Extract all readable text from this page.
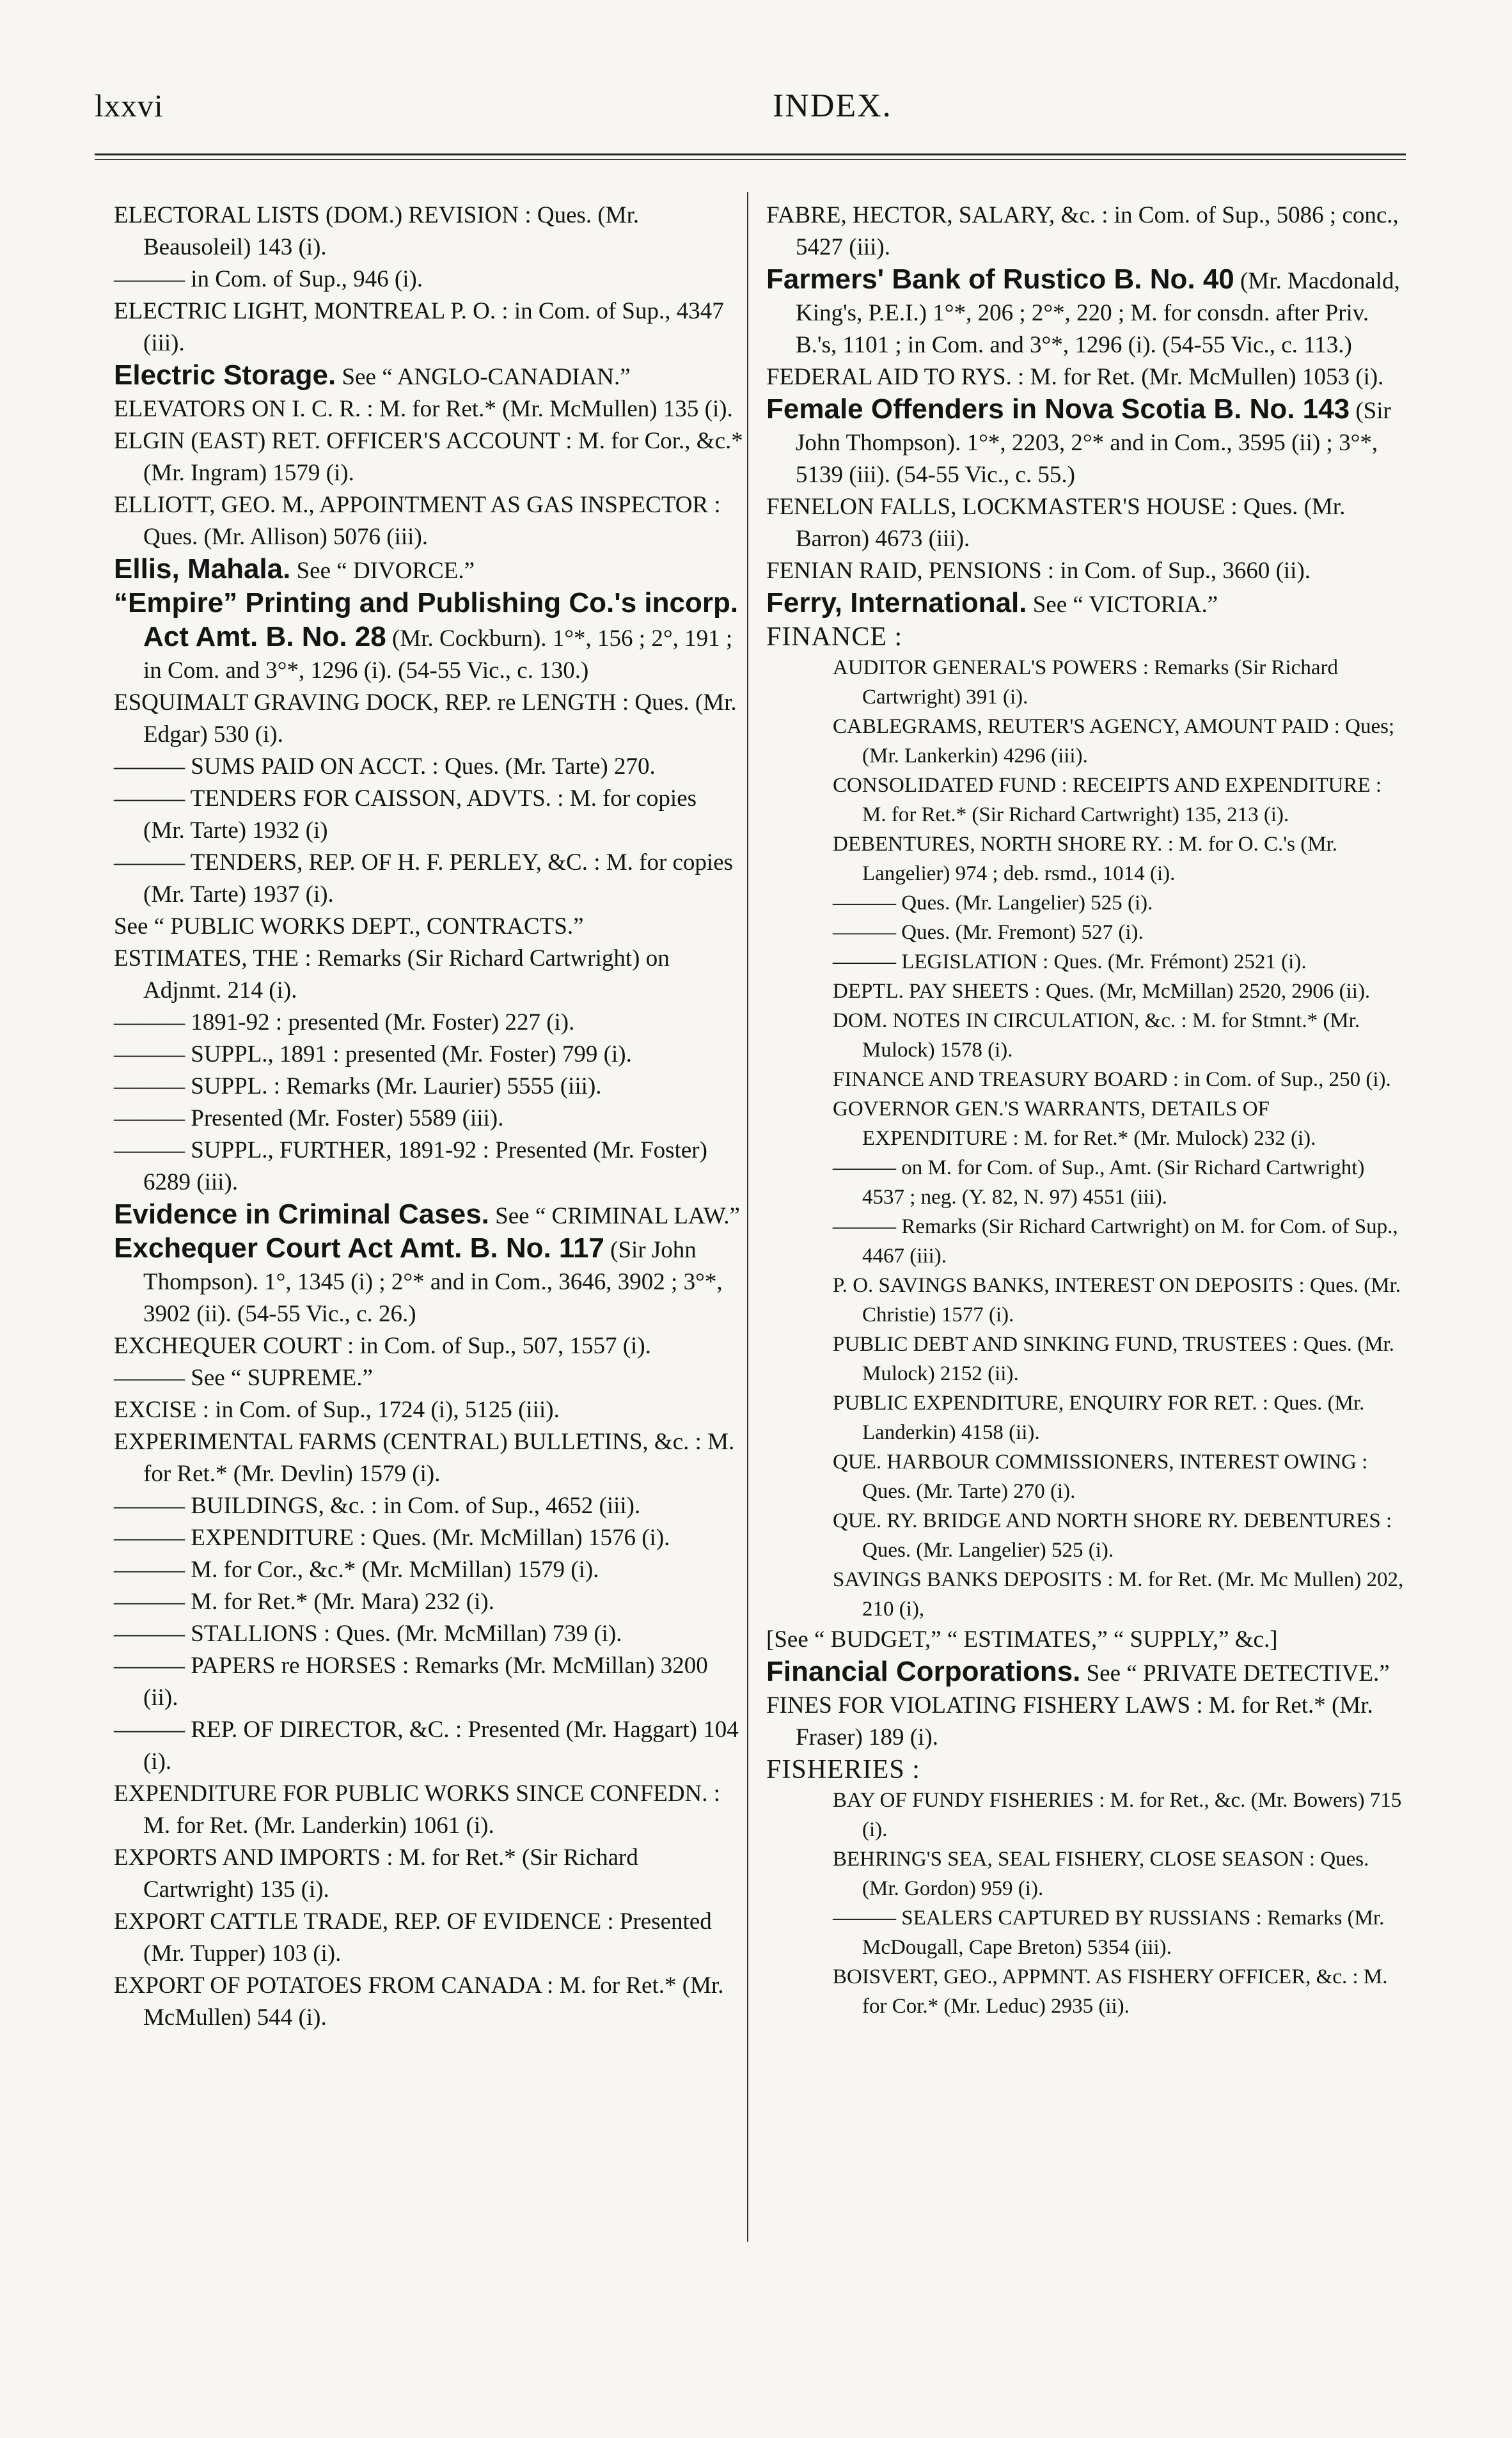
lxxvi	INDEX.

ELECTORAL LISTS (DOM.) REVISION : Ques. (Mr. Beausoleil) 143 (i).

——— in Com. of Sup., 946 (i).

ELECTRIC LIGHT, MONTREAL P. O. : in Com. of Sup., 4347 (iii).

Electric Storage. See “ ANGLO-CANADIAN.”

ELEVATORS ON I. C. R. : M. for Ret.* (Mr. McMullen) 135 (i).

ELGIN (EAST) RET. OFFICER'S ACCOUNT : M. for Cor., &c.* (Mr. Ingram) 1579 (i).

ELLIOTT, GEO. M., APPOINTMENT AS GAS INSPECTOR : Ques. (Mr. Allison) 5076 (iii).

Ellis, Mahala. See “ DIVORCE.”

“Empire” Printing and Publishing Co.'s incorp. Act Amt. B. No. 28 (Mr. Cockburn). 1°*, 156 ; 2°, 191 ; in Com. and 3°*, 1296 (i). (54-55 Vic., c. 130.)

ESQUIMALT GRAVING DOCK, REP. re LENGTH : Ques. (Mr. Edgar) 530 (i).

——— SUMS PAID ON ACCT. : Ques. (Mr. Tarte) 270.

——— TENDERS FOR CAISSON, ADVTS. : M. for copies (Mr. Tarte) 1932 (i)

——— TENDERS, REP. OF H. F. PERLEY, &C. : M. for copies (Mr. Tarte) 1937 (i).

See “ PUBLIC WORKS DEPT., CONTRACTS.”

ESTIMATES, THE : Remarks (Sir Richard Cartwright) on Adjnmt. 214 (i).

——— 1891-92 : presented (Mr. Foster) 227 (i).

——— SUPPL., 1891 : presented (Mr. Foster) 799 (i).

——— SUPPL. : Remarks (Mr. Laurier) 5555 (iii).

——— Presented (Mr. Foster) 5589 (iii).

——— SUPPL., FURTHER, 1891-92 : Presented (Mr. Foster) 6289 (iii).

Evidence in Criminal Cases. See “ CRIMINAL LAW.”

Exchequer Court Act Amt. B. No. 117 (Sir John Thompson). 1°, 1345 (i) ; 2°* and in Com., 3646, 3902 ; 3°*, 3902 (ii). (54-55 Vic., c. 26.)

EXCHEQUER COURT : in Com. of Sup., 507, 1557 (i).

——— See “ SUPREME.”

EXCISE : in Com. of Sup., 1724 (i), 5125 (iii).

EXPERIMENTAL FARMS (CENTRAL) BULLETINS, &c. : M. for Ret.* (Mr. Devlin) 1579 (i).

——— BUILDINGS, &c. : in Com. of Sup., 4652 (iii).

——— EXPENDITURE : Ques. (Mr. McMillan) 1576 (i).

——— M. for Cor., &c.* (Mr. McMillan) 1579 (i).

——— M. for Ret.* (Mr. Mara) 232 (i).

——— STALLIONS : Ques. (Mr. McMillan) 739 (i).

——— PAPERS re HORSES : Remarks (Mr. McMillan) 3200 (ii).

——— REP. OF DIRECTOR, &C. : Presented (Mr. Haggart) 104 (i).

EXPENDITURE FOR PUBLIC WORKS SINCE CONFEDN. : M. for Ret. (Mr. Landerkin) 1061 (i).

EXPORTS AND IMPORTS : M. for Ret.* (Sir Richard Cartwright) 135 (i).

EXPORT CATTLE TRADE, REP. OF EVIDENCE : Presented (Mr. Tupper) 103 (i).

EXPORT OF POTATOES FROM CANADA : M. for Ret.* (Mr. McMullen) 544 (i).

FABRE, HECTOR, SALARY, &c. : in Com. of Sup., 5086 ; conc., 5427 (iii).

Farmers' Bank of Rustico B. No. 40 (Mr. Macdonald, King's, P.E.I.) 1°*, 206 ; 2°*, 220 ; M. for consdn. after Priv. B.'s, 1101 ; in Com. and 3°*, 1296 (i). (54-55 Vic., c. 113.)

FEDERAL AID TO RYS. : M. for Ret. (Mr. McMullen) 1053 (i).

Female Offenders in Nova Scotia B. No. 143 (Sir John Thompson). 1°*, 2203, 2°* and in Com., 3595 (ii) ; 3°*, 5139 (iii). (54-55 Vic., c. 55.)

FENELON FALLS, LOCKMASTER'S HOUSE : Ques. (Mr. Barron) 4673 (iii).

FENIAN RAID, PENSIONS : in Com. of Sup., 3660 (ii).

Ferry, International. See “ VICTORIA.”

FINANCE :

AUDITOR GENERAL'S POWERS : Remarks (Sir Richard Cartwright) 391 (i).

CABLEGRAMS, REUTER'S AGENCY, AMOUNT PAID : Ques; (Mr. Lankerkin) 4296 (iii).

CONSOLIDATED FUND : RECEIPTS AND EXPENDITURE : M. for Ret.* (Sir Richard Cartwright) 135, 213 (i).

DEBENTURES, NORTH SHORE RY. : M. for O. C.'s (Mr. Langelier) 974 ; deb. rsmd., 1014 (i).

——— Ques. (Mr. Langelier) 525 (i).

——— Ques. (Mr. Fremont) 527 (i).

——— LEGISLATION : Ques. (Mr. Frémont) 2521 (i).

DEPTL. PAY SHEETS : Ques. (Mr, McMillan) 2520, 2906 (ii).

DOM. NOTES IN CIRCULATION, &c. : M. for Stmnt.* (Mr. Mulock) 1578 (i).

FINANCE AND TREASURY BOARD : in Com. of Sup., 250 (i).

GOVERNOR GEN.'S WARRANTS, DETAILS OF EXPENDITURE : M. for Ret.* (Mr. Mulock) 232 (i).

——— on M. for Com. of Sup., Amt. (Sir Richard Cartwright) 4537 ; neg. (Y. 82, N. 97) 4551 (iii).

——— Remarks (Sir Richard Cartwright) on M. for Com. of Sup., 4467 (iii).

P. O. SAVINGS BANKS, INTEREST ON DEPOSITS : Ques. (Mr. Christie) 1577 (i).

PUBLIC DEBT AND SINKING FUND, TRUSTEES : Ques. (Mr. Mulock) 2152 (ii).

PUBLIC EXPENDITURE, ENQUIRY FOR RET. : Ques. (Mr. Landerkin) 4158 (ii).

QUE. HARBOUR COMMISSIONERS, INTEREST OWING : Ques. (Mr. Tarte) 270 (i).

QUE. RY. BRIDGE AND NORTH SHORE RY. DEBENTURES : Ques. (Mr. Langelier) 525 (i).

SAVINGS BANKS DEPOSITS : M. for Ret. (Mr. Mc Mullen) 202, 210 (i),

[See “ BUDGET,” “ ESTIMATES,” “ SUPPLY,” &c.]

Financial Corporations. See “ PRIVATE DETECTIVE.”

FINES FOR VIOLATING FISHERY LAWS : M. for Ret.* (Mr. Fraser) 189 (i).

FISHERIES :

BAY OF FUNDY FISHERIES : M. for Ret., &c. (Mr. Bowers) 715 (i).

BEHRING'S SEA, SEAL FISHERY, CLOSE SEASON : Ques. (Mr. Gordon) 959 (i).

——— SEALERS CAPTURED BY RUSSIANS : Remarks (Mr. McDougall, Cape Breton) 5354 (iii).

BOISVERT, GEO., APPMNT. AS FISHERY OFFICER, &c. : M. for Cor.* (Mr. Leduc) 2935 (ii).
